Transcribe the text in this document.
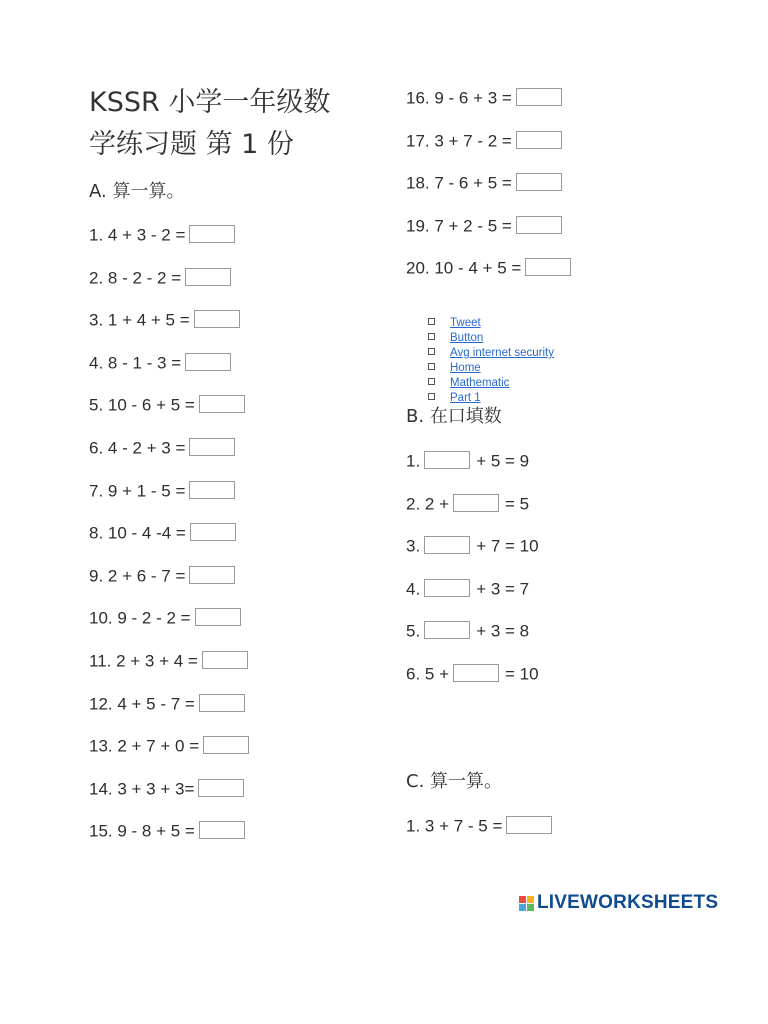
KSSR 小学一年级数
学练习题 第 1 份
A. 算一算。
1. 4 + 3 - 2 =
2. 8 - 2 - 2 =
3. 1 + 4 + 5 =
4. 8 - 1 - 3 =
5. 10 - 6 + 5 =
6. 4 - 2 + 3 =
7. 9 + 1 - 5 =
8. 10 - 4 -4 =
9. 2 + 6 - 7 =
10. 9 - 2 - 2 =
11. 2 + 3 + 4 =
12. 4 + 5 - 7 =
13. 2 + 7 + 0 =
14. 3 + 3 + 3=
15. 9 - 8 + 5 =
16. 9 - 6 + 3 =
17. 3 + 7 - 2 =
18. 7 - 6 + 5 =
19. 7 + 2 - 5 =
20. 10 - 4 + 5 =
Tweet
Button
Avg internet security
Home
Mathematic
Part 1
B. 在口填数
1.	+ 5 = 9
2. 2 +	= 5
3.	+ 7 = 10
4.	+ 3 = 7
5.	+ 3 = 8
6. 5 +	= 10
C. 算一算。
1. 3 + 7 - 5 =
LIVEWORKSHEETS
